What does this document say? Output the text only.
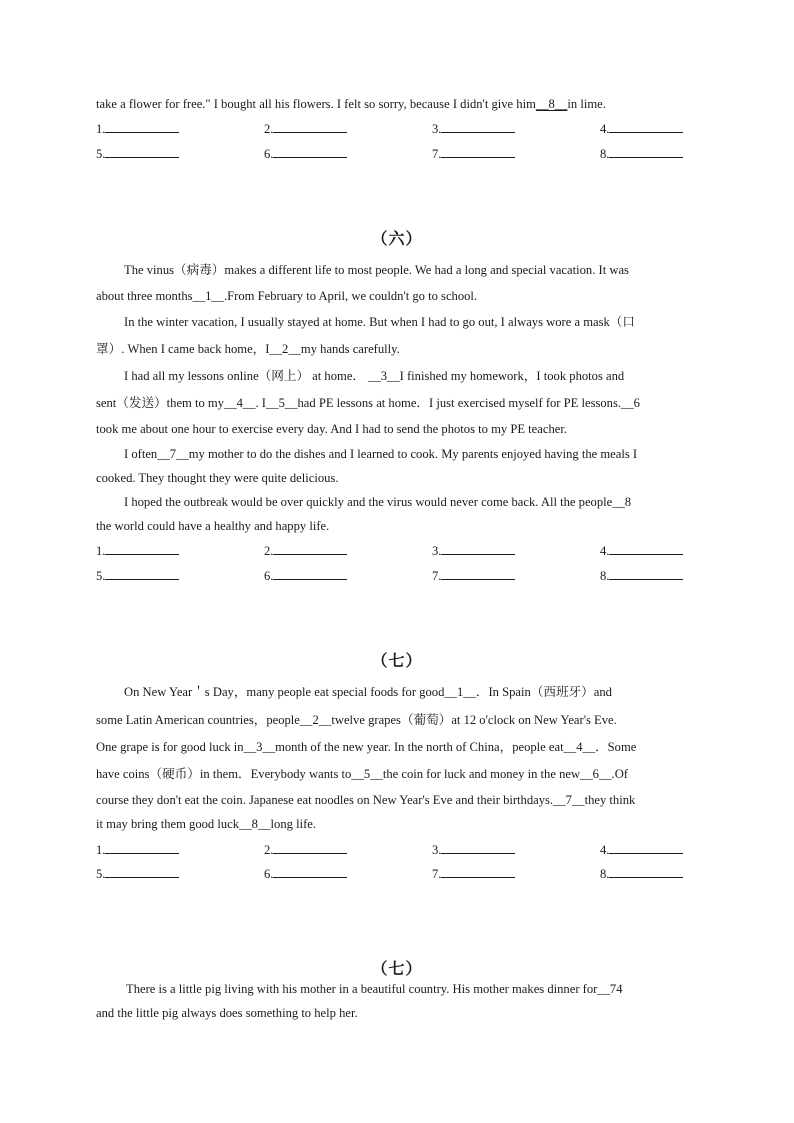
take a flower for free." I bought all his flowers. I felt so sorry, because I didn't give him__8__in lime.
1.	2.	3.	4.
5.	6.	7.	8.
（六）
The vinus（病毒）makes a different life to most people. We had a long and special vacation. It was
about three months__1__.From February to April, we couldn't go to school.
In the winter vacation, I usually stayed at home. But when I had to go out, I always wore a mask（口
罩）. When I came back home，I__2__my hands carefully.
I had all my lessons online（网上） at home． __3__I finished my homework，I took photos and
sent（发送）them to my__4__. I__5__had PE lessons at home．I just exercised myself for PE lessons.__6
took me about one hour to exercise every day. And I had to send the photos to my PE teacher.
I often__7__my mother to do the dishes and I learned to cook. My parents enjoyed having the meals I
cooked. They thought they were quite delicious.
I hoped the outbreak would be over quickly and the virus would never come back. All the people__8
the world could have a healthy and happy life.
1.	2.	3.	4.
5.	6.	7.	8.
（七）
On New Year＇s Day，many people eat special foods for good__1__．In Spain（西班牙）and
some Latin American countries，people__2__twelve grapes（葡萄）at 12 o'clock on New Year's Eve.
One grape is for good luck in__3__month of the new year. In the north of China，people eat__4__．Some
have coins（硬币）in them．Everybody wants to__5__the coin for luck and money in the new__6__.Of
course they don't eat the coin. Japanese eat noodles on New Year's Eve and their birthdays.__7__they think
it may bring them good luck__8__long life.
1.	2.	3.	4.
5.	6.	7.	8.
（七）
There is a little pig living with his mother in a beautiful country. His mother makes dinner for__74
and the little pig always does something to help her.
